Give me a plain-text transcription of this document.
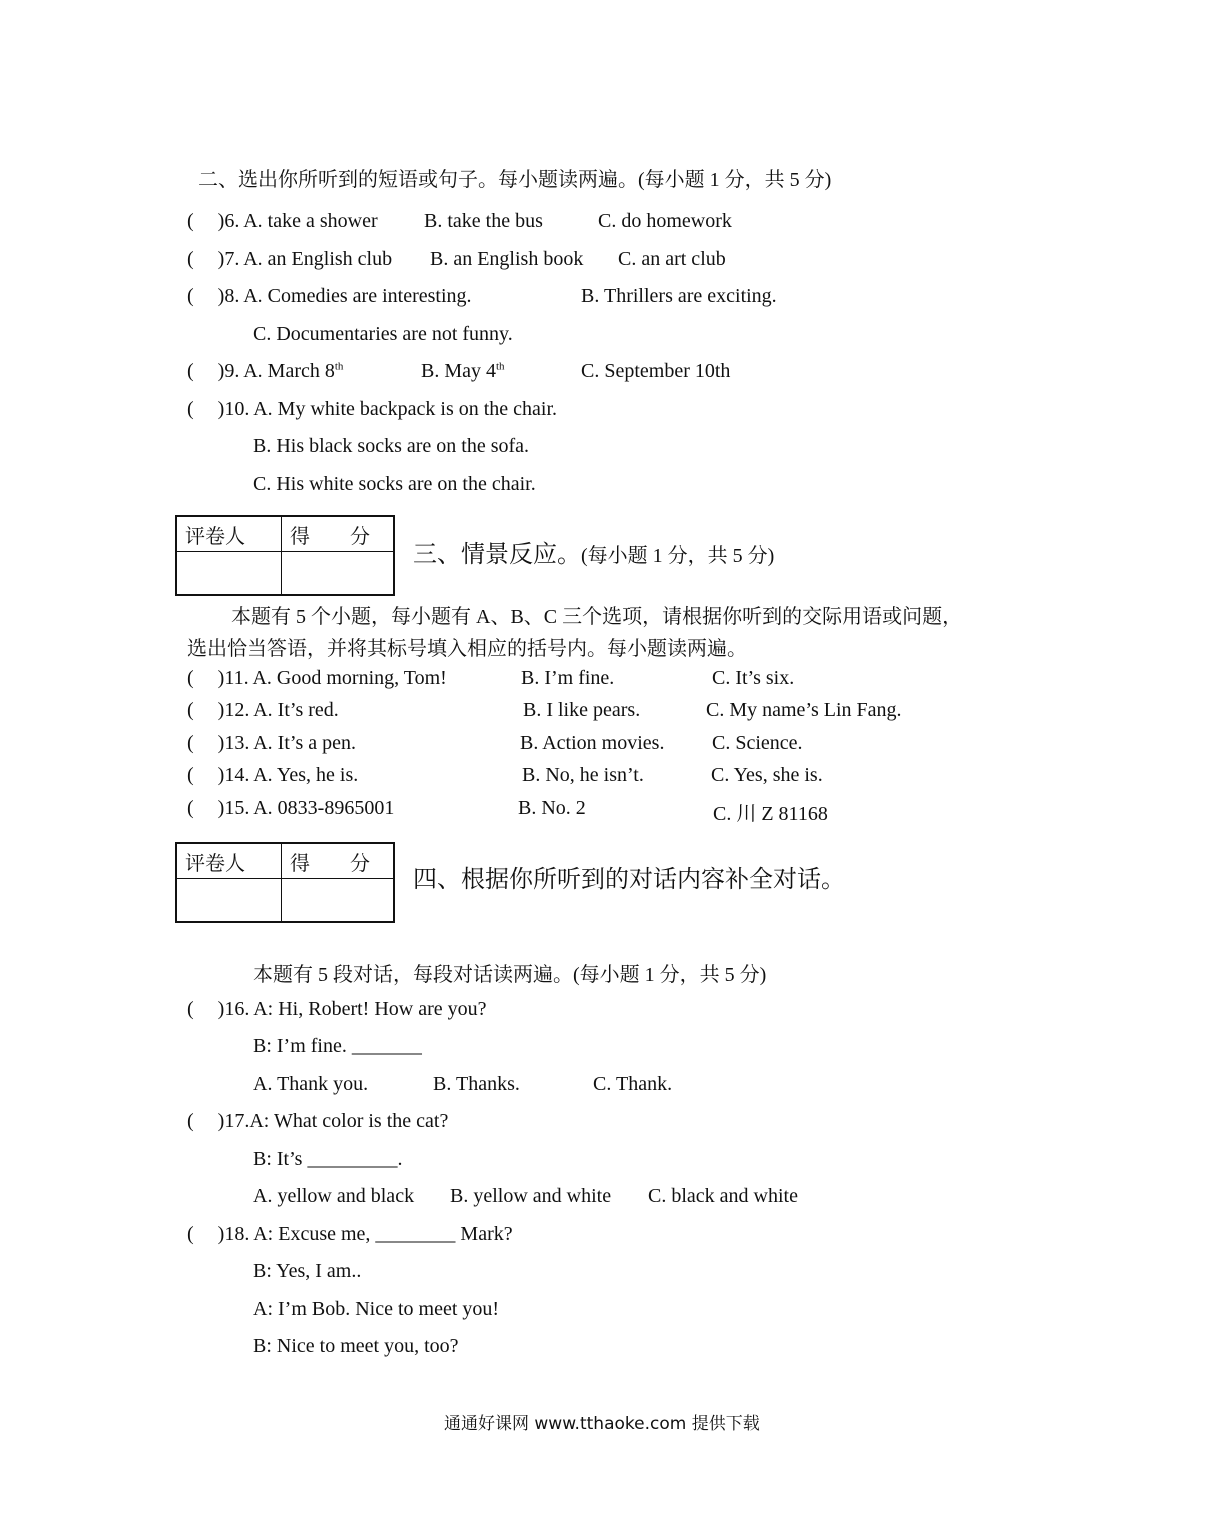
二、选出你所听到的短语或句子。每小题读两遍。(每小题 1 分，共 5 分)
( )6. A. take a shower B. take the bus	C. do homework
( )7. A. an English club B. an English book C. an art club
( )8. A. Comedies are interesting.	B. Thrillers are exciting.
C. Documentaries are not funny.
( )9. A. March 8th	B. May 4th	C. September 10th
( )10. A. My white backpack is on the chair.
B. His black socks are on the sofa.
C. His white socks are on the chair.
评卷人	得　　分

三、情景反应。(每小题 1 分，共 5 分)
本题有 5 个小题，每小题有 A、B、C 三个选项，请根据你听到的交际用语或问题，
选出恰当答语，并将其标号填入相应的括号内。每小题读两遍。
( )11. A. Good morning, Tom!	B. I’m fine.	C. It’s six.
( )12. A. It’s red.	B. I like pears.	C. My name’s Lin Fang.
( )13. A. It’s a pen.	B. Action movies. C. Science.
( )14. A. Yes, he is.	B. No, he isn’t.	C. Yes, she is.
( )15. A. 0833-8965001	B. No. 2	C. 川 Z 81168
评卷人	得　　分

四、根据你所听到的对话内容补全对话。
本题有 5 段对话，每段对话读两遍。(每小题 1 分，共 5 分)
( )16. A: Hi, Robert! How are you?
B: I’m fine. _______
A. Thank you.	B. Thanks.	C. Thank.
( )17.A: What color is the cat?
B: It’s _________.
A. yellow and black B. yellow and white C. black and white
( )18. A: Excuse me, ________ Mark?
B: Yes, I am..
A: I’m Bob. Nice to meet you!
B: Nice to meet you, too?
通通好课网 www.tthaoke.com 提供下载
